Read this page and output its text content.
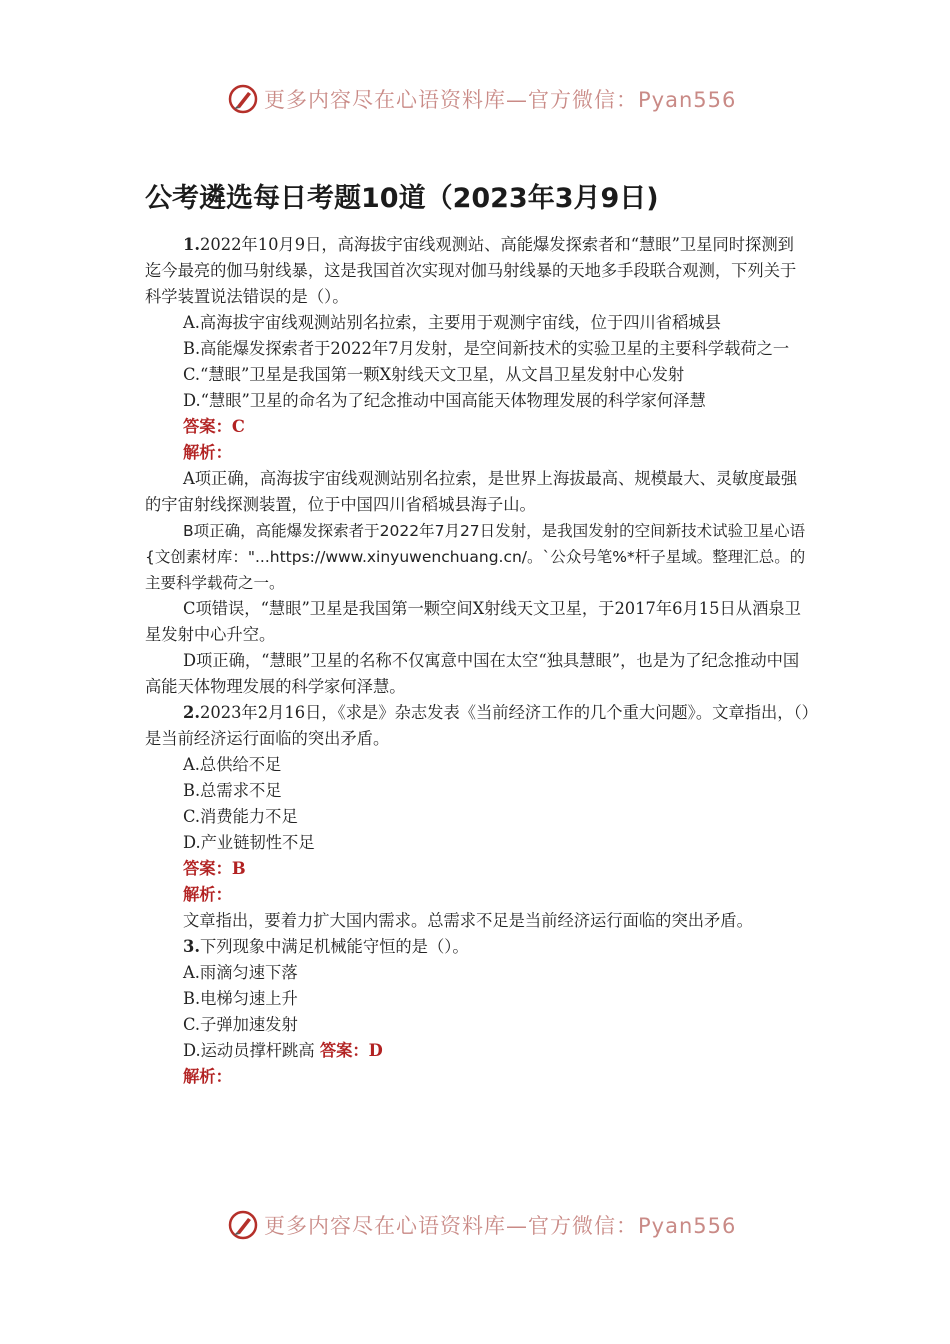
更多内容尽在心语资料库—官方微信：Pyan556
公考遴选每日考题10道（2023年3月9日)

1.2022年10月9日，高海拔宇宙线观测站、高能爆发探索者和“慧眼”卫星同时探测到迄今最亮的伽马射线暴，这是我国首次实现对伽马射线暴的天地多手段联合观测，下列关于科学装置说法错误的是（）。

A.高海拔宇宙线观测站别名拉索，主要用于观测宇宙线，位于四川省稻城县

B.高能爆发探索者于2022年7月发射，是空间新技术的实验卫星的主要科学载荷之一

C.“慧眼”卫星是我国第一颗X射线天文卫星，从文昌卫星发射中心发射

D.“慧眼”卫星的命名为了纪念推动中国高能天体物理发展的科学家何泽慧

答案：C

解析：

A项正确，高海拔宇宙线观测站别名拉索，是世界上海拔最高、规模最大、灵敏度最强的宇宙射线探测装置，位于中国四川省稻城县海子山。

B项正确，高能爆发探索者于2022年7月27日发射，是我国发射的空间新技术试验卫星心语{文创素材库："...https://www.xinyuwenchuang.cn/。`公众号笔%*杆子星域。整理汇总。的主要科学载荷之一。

C项错误，“慧眼”卫星是我国第一颗空间X射线天文卫星，于2017年6月15日从酒泉卫星发射中心升空。

D项正确，“慧眼”卫星的名称不仅寓意中国在太空“独具慧眼”，也是为了纪念推动中国高能天体物理发展的科学家何泽慧。

2.2023年2月16日，《求是》杂志发表《当前经济工作的几个重大问题》。文章指出，（）是当前经济运行面临的突出矛盾。

A.总供给不足

B.总需求不足

C.消费能力不足

D.产业链韧性不足

答案：B

解析：

文章指出，要着力扩大国内需求。总需求不足是当前经济运行面临的突出矛盾。

3.下列现象中满足机械能守恒的是（）。

A.雨滴匀速下落

B.电梯匀速上升

C.子弹加速发射

D.运动员撑杆跳高 答案：D

解析：

更多内容尽在心语资料库—官方微信：Pyan556
